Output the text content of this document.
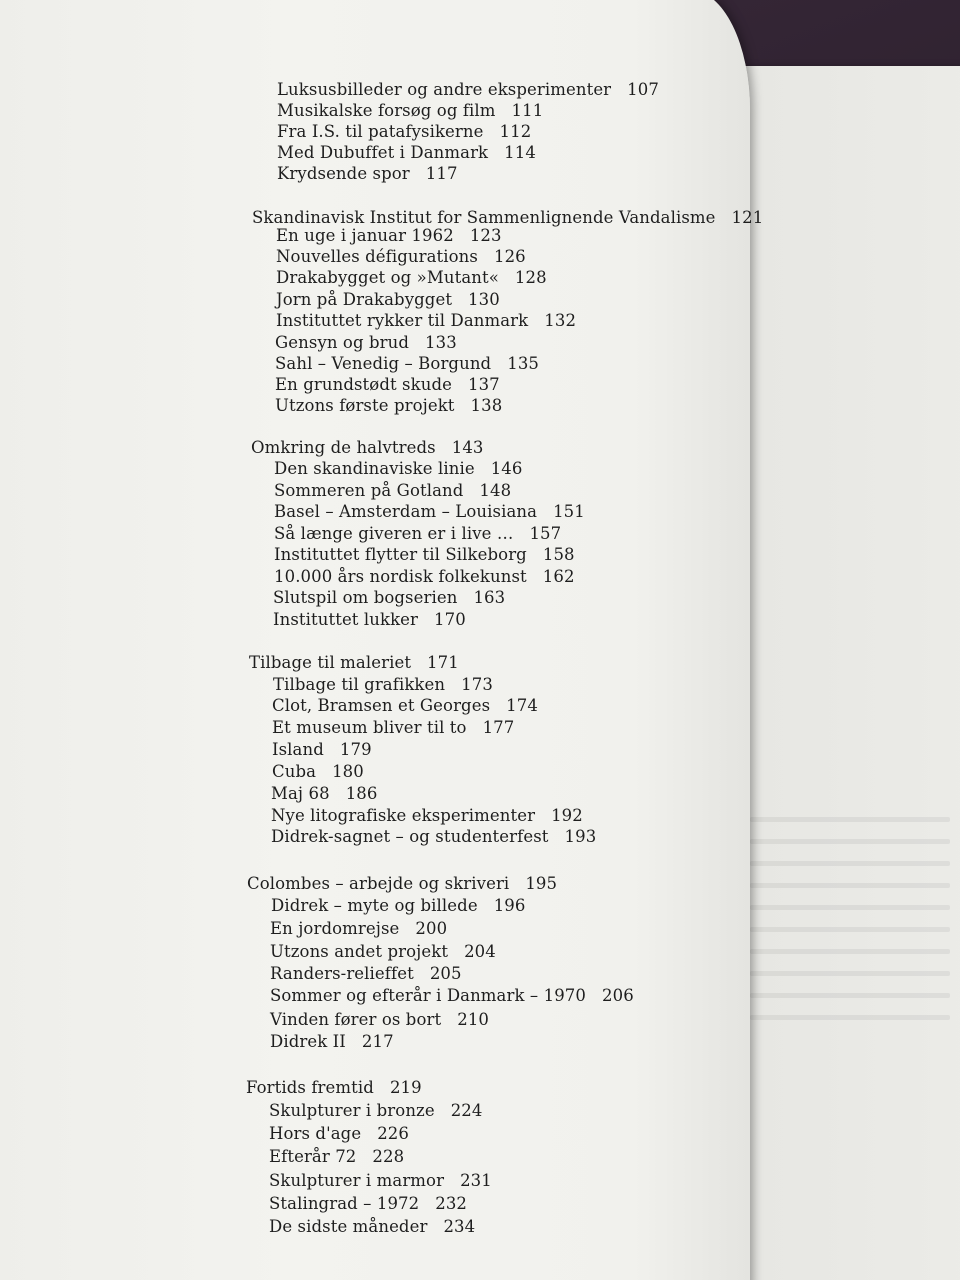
Luksusbilleder og andre eksperimenter 107
Musikalske forsøg og film 111
Fra I.S. til patafysikerne 112
Med Dubuffet i Danmark 114
Krydsende spor 117
Skandinavisk Institut for Sammenlignende Vandalisme 121
En uge i januar 1962 123
Nouvelles défigurations 126
Drakabygget og »Mutant« 128
Jorn på Drakabygget 130
Instituttet rykker til Danmark 132
Gensyn og brud 133
Sahl – Venedig – Borgund 135
En grundstødt skude 137
Utzons første projekt 138
Omkring de halvtreds 143
Den skandinaviske linie 146
Sommeren på Gotland 148
Basel – Amsterdam – Louisiana 151
Så længe giveren er i live … 157
Instituttet flytter til Silkeborg 158
10.000 års nordisk folkekunst 162
Slutspil om bogserien 163
Instituttet lukker 170
Tilbage til maleriet 171
Tilbage til grafikken 173
Clot, Bramsen et Georges 174
Et museum bliver til to 177
Island 179
Cuba 180
Maj 68 186
Nye litografiske eksperimenter 192
Didrek-sagnet – og studenterfest 193
Colombes – arbejde og skriveri 195
Didrek – myte og billede 196
En jordomrejse 200
Utzons andet projekt 204
Randers-relieffet 205
Sommer og efterår i Danmark – 1970 206
Vinden fører os bort 210
Didrek II 217
Fortids fremtid 219
Skulpturer i bronze 224
Hors d'age 226
Efterår 72 228
Skulpturer i marmor 231
Stalingrad – 1972 232
De sidste måneder 234
